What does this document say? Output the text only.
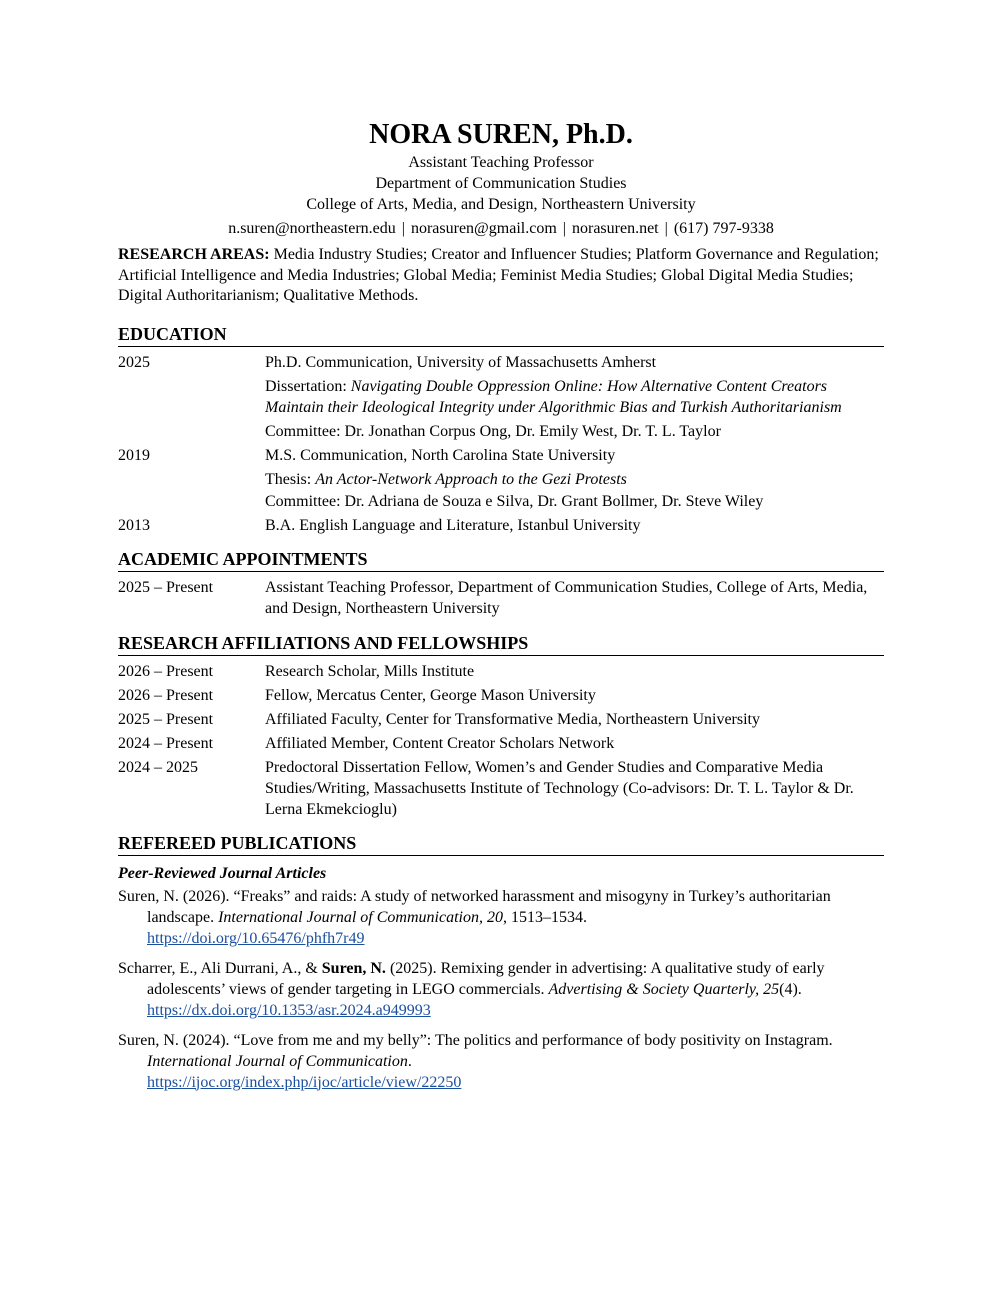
NORA SUREN, Ph.D.
Assistant Teaching Professor
Department of Communication Studies
College of Arts, Media, and Design, Northeastern University
n.suren@northeastern.edu | norasuren@gmail.com | norasuren.net | (617) 797-9338
RESEARCH AREAS: Media Industry Studies; Creator and Influencer Studies; Platform Governance and Regulation; Artificial Intelligence and Media Industries; Global Media; Feminist Media Studies; Global Digital Media Studies; Digital Authoritarianism; Qualitative Methods.
EDUCATION
2025	Ph.D. Communication, University of Massachusetts Amherst
Dissertation: Navigating Double Oppression Online: How Alternative Content Creators Maintain their Ideological Integrity under Algorithmic Bias and Turkish Authoritarianism
Committee: Dr. Jonathan Corpus Ong, Dr. Emily West, Dr. T. L. Taylor
2019	M.S. Communication, North Carolina State University
Thesis: An Actor-Network Approach to the Gezi Protests
Committee: Dr. Adriana de Souza e Silva, Dr. Grant Bollmer, Dr. Steve Wiley
2013	B.A. English Language and Literature, Istanbul University
ACADEMIC APPOINTMENTS
2025 – Present	Assistant Teaching Professor, Department of Communication Studies, College of Arts, Media, and Design, Northeastern University
RESEARCH AFFILIATIONS AND FELLOWSHIPS
2026 – Present	Research Scholar, Mills Institute
2026 – Present	Fellow, Mercatus Center, George Mason University
2025 – Present	Affiliated Faculty, Center for Transformative Media, Northeastern University
2024 – Present	Affiliated Member, Content Creator Scholars Network
2024 – 2025	Predoctoral Dissertation Fellow, Women’s and Gender Studies and Comparative Media Studies/Writing, Massachusetts Institute of Technology (Co-advisors: Dr. T. L. Taylor & Dr. Lerna Ekmekcioglu)
REFEREED PUBLICATIONS
Peer-Reviewed Journal Articles
Suren, N. (2026). “Freaks” and raids: A study of networked harassment and misogyny in Turkey’s authoritarian landscape. International Journal of Communication, 20, 1513–1534.
https://doi.org/10.65476/phfh7r49
Scharrer, E., Ali Durrani, A., & Suren, N. (2025). Remixing gender in advertising: A qualitative study of early adolescents’ views of gender targeting in LEGO commercials. Advertising & Society Quarterly, 25(4). https://dx.doi.org/10.1353/asr.2024.a949993
Suren, N. (2024). “Love from me and my belly”: The politics and performance of body positivity on Instagram. International Journal of Communication.
https://ijoc.org/index.php/ijoc/article/view/22250
